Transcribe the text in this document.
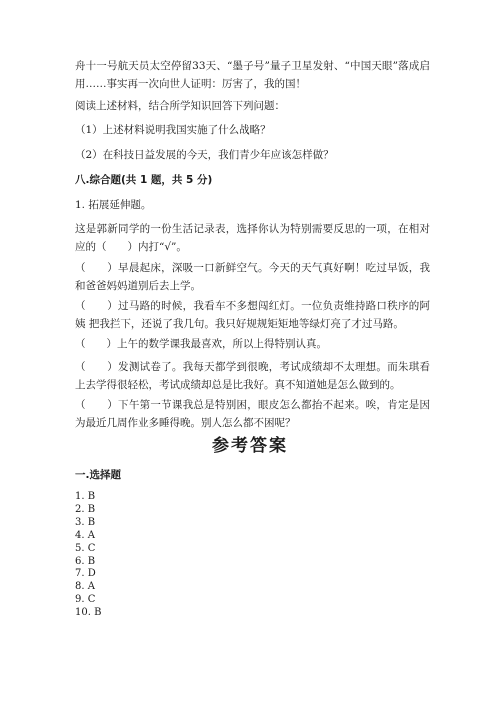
舟十一号航天员太空停留33天、“墨子号”量子卫星发射、“中国天眼”落成启用……事实再一次向世人证明：厉害了，我的国！

阅读上述材料，结合所学知识回答下列问题：

（1）上述材料说明我国实施了什么战略？

（2）在科技日益发展的今天，我们青少年应该怎样做？

八.综合题(共 1 题，共 5 分)

1. 拓展延伸题。

这是郭新同学的一份生活记录表，选择你认为特别需要反思的一项，在相对应的（　　）内打“√”。

（　　）早晨起床，深吸一口新鲜空气。今天的天气真好啊！吃过早饭，我和爸爸妈妈道别后去上学。

（　　）过马路的时候，我看车不多想闯红灯。一位负责维持路口秩序的阿姨 把我拦下，还说了我几句。我只好规规矩矩地等绿灯亮了才过马路。

（　　）上午的数学课我最喜欢，所以上得特别认真。

（　　）发测试卷了。我每天都学到很晚，考试成绩却不太理想。而朱琪看上去学得很轻松，考试成绩却总是比我好。真不知道她是怎么做到的。

（　　）下午第一节课我总是特别困，眼皮怎么都抬不起来。唉，肯定是因为最近几周作业多睡得晚。别人怎么都不困呢？

参考答案
一.选择题
1. B
2. B
3. B
4. A
5. C
6. B
7. D
8. A
9. C
10. B
